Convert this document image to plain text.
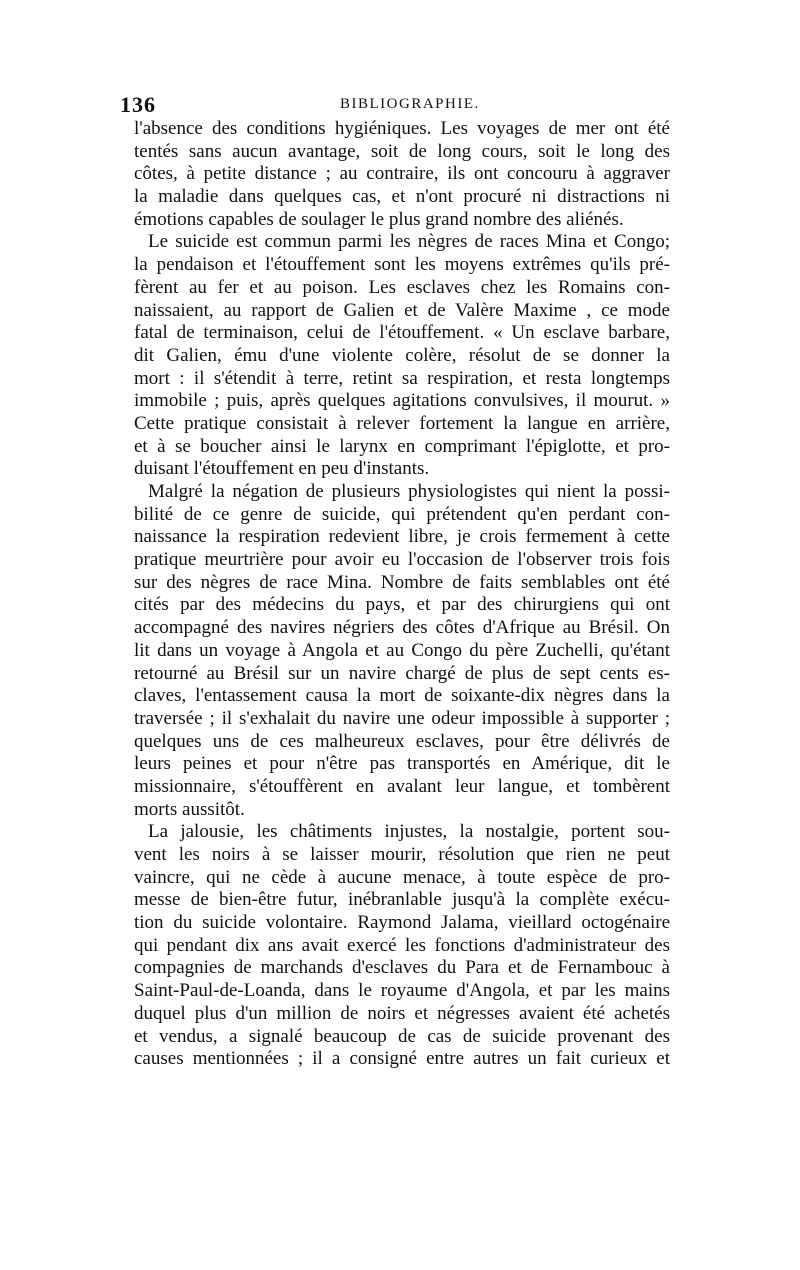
136	BIBLIOGRAPHIE.
l'absence des conditions hygiéniques. Les voyages de mer ont été
tentés sans aucun avantage, soit de long cours, soit le long des
côtes, à petite distance ; au contraire, ils ont concouru à aggraver
la maladie dans quelques cas, et n'ont procuré ni distractions ni
émotions capables de soulager le plus grand nombre des aliénés.
Le suicide est commun parmi les nègres de races Mina et Congo;
la pendaison et l'étouffement sont les moyens extrêmes qu'ils pré-
fèrent au fer et au poison. Les esclaves chez les Romains con-
naissaient, au rapport de Galien et de Valère Maxime , ce mode
fatal de terminaison, celui de l'étouffement. « Un esclave barbare,
dit Galien, ému d'une violente colère, résolut de se donner la
mort : il s'étendit à terre, retint sa respiration, et resta longtemps
immobile ; puis, après quelques agitations convulsives, il mourut. »
Cette pratique consistait à relever fortement la langue en arrière,
et à se boucher ainsi le larynx en comprimant l'épiglotte, et pro-
duisant l'étouffement en peu d'instants.
Malgré la négation de plusieurs physiologistes qui nient la possi-
bilité de ce genre de suicide, qui prétendent qu'en perdant con-
naissance la respiration redevient libre, je crois fermement à cette
pratique meurtrière pour avoir eu l'occasion de l'observer trois fois
sur des nègres de race Mina. Nombre de faits semblables ont été
cités par des médecins du pays, et par des chirurgiens qui ont
accompagné des navires négriers des côtes d'Afrique au Brésil. On
lit dans un voyage à Angola et au Congo du père Zuchelli, qu'étant
retourné au Brésil sur un navire chargé de plus de sept cents es-
claves, l'entassement causa la mort de soixante-dix nègres dans la
traversée ; il s'exhalait du navire une odeur impossible à supporter ;
quelques uns de ces malheureux esclaves, pour être délivrés de
leurs peines et pour n'être pas transportés en Amérique, dit le
missionnaire, s'étouffèrent en avalant leur langue, et tombèrent
morts aussitôt.
La jalousie, les châtiments injustes, la nostalgie, portent sou-
vent les noirs à se laisser mourir, résolution que rien ne peut
vaincre, qui ne cède à aucune menace, à toute espèce de pro-
messe de bien-être futur, inébranlable jusqu'à la complète exécu-
tion du suicide volontaire. Raymond Jalama, vieillard octogénaire
qui pendant dix ans avait exercé les fonctions d'administrateur des
compagnies de marchands d'esclaves du Para et de Fernambouc à
Saint-Paul-de-Loanda, dans le royaume d'Angola, et par les mains
duquel plus d'un million de noirs et négresses avaient été achetés
et vendus, a signalé beaucoup de cas de suicide provenant des
causes mentionnées ; il a consigné entre autres un fait curieux et
